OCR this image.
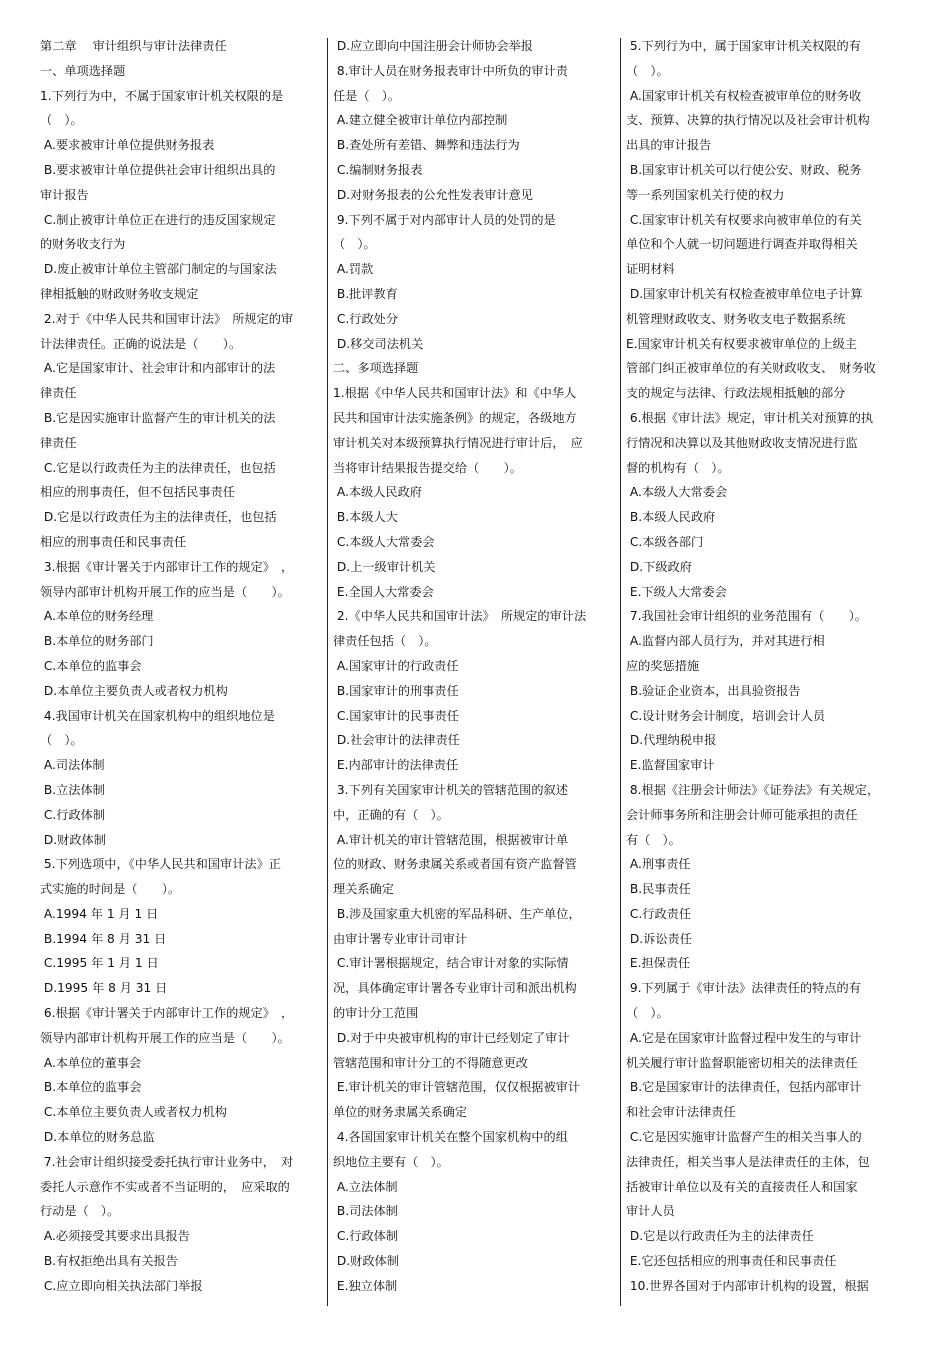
第二章　 审计组织与审计法律责任
一、单项选择题
1.下列行为中，不属于国家审计机关权限的是
（　）。
A.要求被审计单位提供财务报表
B.要求被审计单位提供社会审计组织出具的
审计报告
C.制止被审计单位正在进行的违反国家规定
的财务收支行为
D.废止被审计单位主管部门制定的与国家法
律相抵触的财政财务收支规定
2.对于《中华人民共和国审计法》　所规定的审
计法律责任。正确的说法是（　　）。
A.它是国家审计、社会审计和内部审计的法
律责任
B.它是因实施审计监督产生的审计机关的法
律责任
C.它是以行政责任为主的法律责任，也包括
相应的刑事责任，但不包括民事责任
D.它是以行政责任为主的法律责任，也包括
相应的刑事责任和民事责任
3.根据《审计署关于内部审计工作的规定》　，
领导内部审计机构开展工作的应当是（　　）。
A.本单位的财务经理
B.本单位的财务部门
C.本单位的监事会
D.本单位主要负责人或者权力机构
4.我国审计机关在国家机构中的组织地位是
（　）。
A.司法体制
B.立法体制
C.行政体制
D.财政体制
5.下列选项中，《中华人民共和国审计法》正
式实施的时间是（　　）。
A.1994 年 1 月 1 日
B.1994 年 8 月 31 日
C.1995 年 1 月 1 日
D.1995 年 8 月 31 日
6.根据《审计署关于内部审计工作的规定》　，
领导内部审计机构开展工作的应当是（　　）。
A.本单位的董事会
B.本单位的监事会
C.本单位主要负责人或者权力机构
D.本单位的财务总监
7.社会审计组织接受委托执行审计业务中，　对
委托人示意作不实或者不当证明的，　应采取的
行动是（　）。
A.必须接受其要求出具报告
B.有权拒绝出具有关报告
C.应立即向相关执法部门举报
D.应立即向中国注册会计师协会举报
8.审计人员在财务报表审计中所负的审计责
任是（　）。
A.建立健全被审计单位内部控制
B.查处所有差错、舞弊和违法行为
C.编制财务报表
D.对财务报表的公允性发表审计意见
9.下列不属于对内部审计人员的处罚的是
（　）。
A.罚款
B.批评教育
C.行政处分
D.移交司法机关
二、多项选择题
1.根据《中华人民共和国审计法》和《中华人
民共和国审计法实施条例》的规定，各级地方
审计机关对本级预算执行情况进行审计后，　应
当将审计结果报告提交给（　　）。
A.本级人民政府
B.本级人大
C.本级人大常委会
D.上一级审计机关
E.全国人大常委会
2.《中华人民共和国审计法》　所规定的审计法
律责任包括（　）。
A.国家审计的行政责任
B.国家审计的刑事责任
C.国家审计的民事责任
D.社会审计的法律责任
E.内部审计的法律责任
3.下列有关国家审计机关的管辖范围的叙述
中，正确的有（　）。
A.审计机关的审计管辖范围，根据被审计单
位的财政、财务隶属关系或者国有资产监督管
理关系确定
B.涉及国家重大机密的军品科研、生产单位，
由审计署专业审计司审计
C.审计署根据规定，结合审计对象的实际情
况，具体确定审计署各专业审计司和派出机构
的审计分工范围
D.对于中央被审机构的审计已经划定了审计
管辖范围和审计分工的不得随意更改
E.审计机关的审计管辖范围，仅仅根据被审计
单位的财务隶属关系确定
4.各国国家审计机关在整个国家机构中的组
织地位主要有（　）。
A.立法体制
B.司法体制
C.行政体制
D.财政体制
E.独立体制
5.下列行为中，属于国家审计机关权限的有
（　）。
A.国家审计机关有权检查被审单位的财务收
支、预算、决算的执行情况以及社会审计机构
出具的审计报告
B.国家审计机关可以行使公安、财政、税务
等一系列国家机关行使的权力
C.国家审计机关有权要求向被审单位的有关
单位和个人就一切问题进行调查并取得相关
证明材料
D.国家审计机关有权检查被审单位电子计算
机管理财政收支、财务收支电子数据系统
E.国家审计机关有权要求被审单位的上级主
管部门纠正被审单位的有关财政收支、　财务收
支的规定与法律、行政法规相抵触的部分
6.根据《审计法》规定，审计机关对预算的执
行情况和决算以及其他财政收支情况进行监
督的机构有（　）。
A.本级人大常委会
B.本级人民政府
C.本级各部门
D.下级政府
E.下级人大常委会
7.我国社会审计组织的业务范围有（　　）。
A.监督内部人员行为，并对其进行相
应的奖惩措施
B.验证企业资本，出具验资报告
C.设计财务会计制度，培训会计人员
D.代理纳税申报
E.监督国家审计
8.根据《注册会计师法》《证券法》有关规定，
会计师事务所和注册会计师可能承担的责任
有（　）。
A.刑事责任
B.民事责任
C.行政责任
D.诉讼责任
E.担保责任
9.下列属于《审计法》法律责任的特点的有
（　）。
A.它是在国家审计监督过程中发生的与审计
机关履行审计监督职能密切相关的法律责任
B.它是国家审计的法律责任，包括内部审计
和社会审计法律责任
C.它是因实施审计监督产生的相关当事人的
法律责任，相关当事人是法律责任的主体，包
括被审计单位以及有关的直接责任人和国家
审计人员
D.它是以行政责任为主的法律责任
E.它还包括相应的刑事责任和民事责任
10.世界各国对于内部审计机构的设置，根据
